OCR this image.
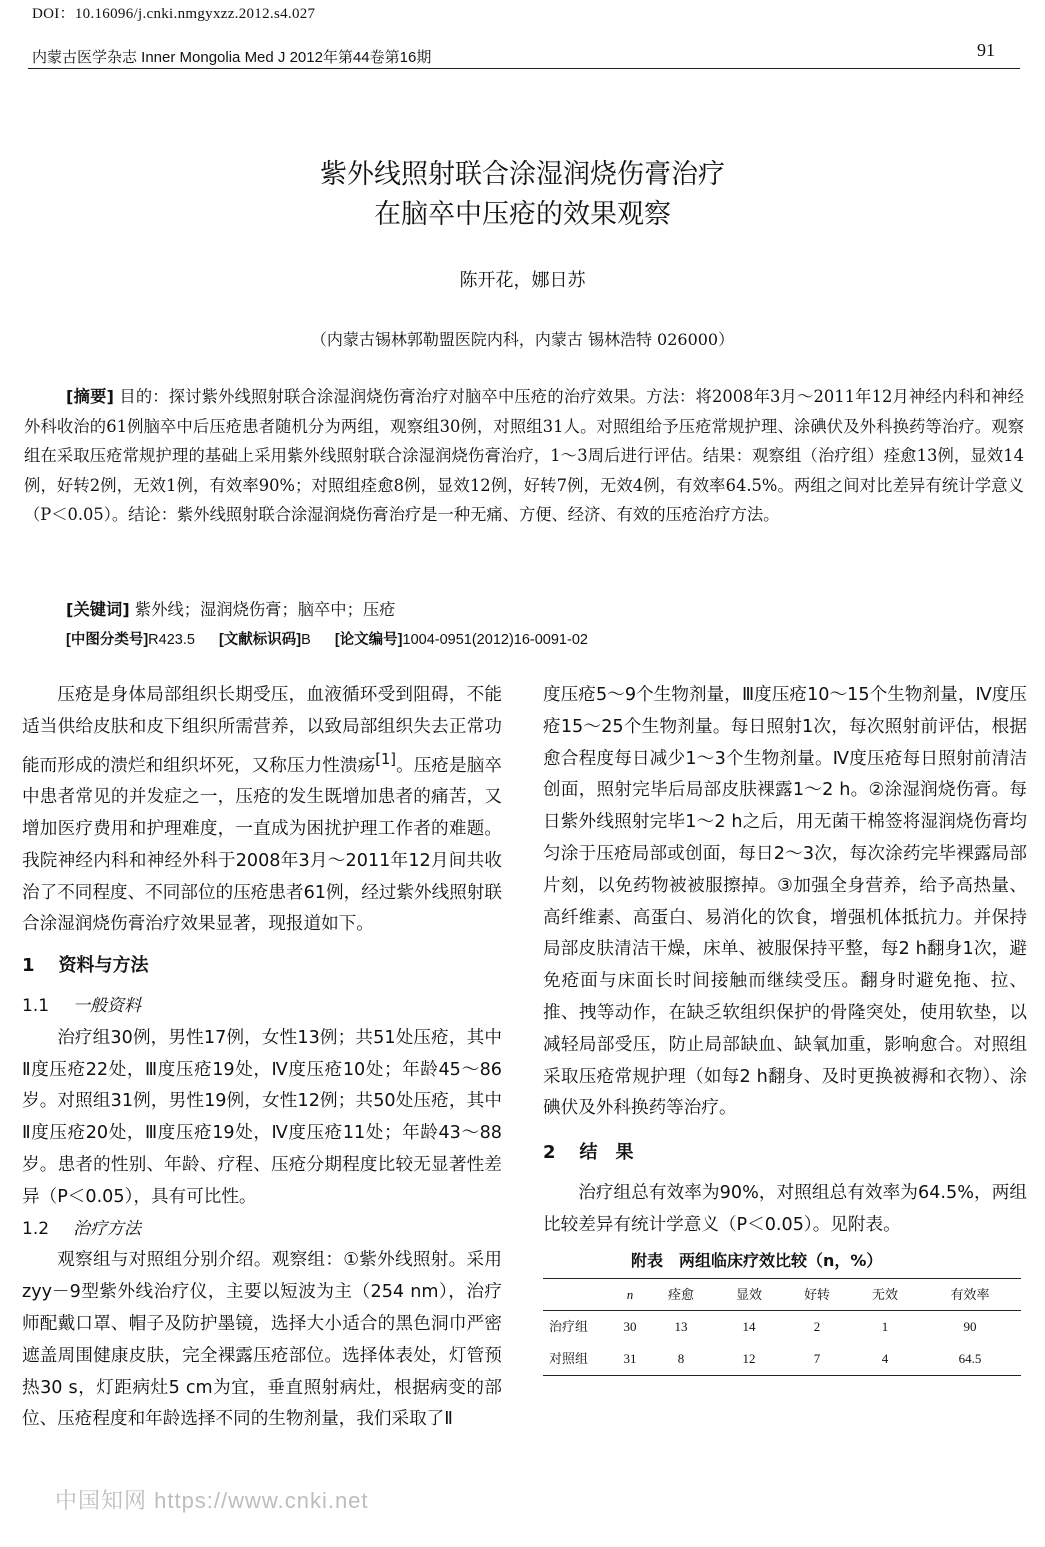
DOI：10.16096/j.cnki.nmgyxzz.2012.s4.027
内蒙古医学杂志 Inner Mongolia Med J 2012年第44卷第16期	91
紫外线照射联合涂湿润烧伤膏治疗
在脑卒中压疮的效果观察
陈开花，娜日苏
（内蒙古锡林郭勒盟医院内科，内蒙古 锡林浩特 026000）

[摘要] 目的：探讨紫外线照射联合涂湿润烧伤膏治疗对脑卒中压疮的治疗效果。方法：将2008年3月～2011年12月神经内科和神经外科收治的61例脑卒中后压疮患者随机分为两组，观察组30例，对照组31人。对照组给予压疮常规护理、涂碘伏及外科换药等治疗。观察组在采取压疮常规护理的基础上采用紫外线照射联合涂湿润烧伤膏治疗，1～3周后进行评估。结果：观察组（治疗组）痊愈13例，显效14例，好转2例，无效1例，有效率90%；对照组痊愈8例，显效12例，好转7例，无效4例，有效率64.5%。两组之间对比差异有统计学意义（P＜0.05）。结论：紫外线照射联合涂湿润烧伤膏治疗是一种无痛、方便、经济、有效的压疮治疗方法。

[关键词] 紫外线；湿润烧伤膏；脑卒中；压疮
[中图分类号]R423.5 [文献标识码]B [论文编号]1004-0951(2012)16-0091-02

压疮是身体局部组织长期受压，血液循环受到阻碍，不能适当供给皮肤和皮下组织所需营养，以致局部组织失去正常功能而形成的溃烂和组织坏死，又称压力性溃疡[1]。压疮是脑卒中患者常见的并发症之一，压疮的发生既增加患者的痛苦，又增加医疗费用和护理难度，一直成为困扰护理工作者的难题。我院神经内科和神经外科于2008年3月～2011年12月间共收治了不同程度、不同部位的压疮患者61例，经过紫外线照射联合涂湿润烧伤膏治疗效果显著，现报道如下。

1 资料与方法
1.1 一般资料

治疗组30例，男性17例，女性13例；共51处压疮，其中Ⅱ度压疮22处，Ⅲ度压疮19处，Ⅳ度压疮10处；年龄45～86岁。对照组31例，男性19例，女性12例；共50处压疮，其中Ⅱ度压疮20处，Ⅲ度压疮19处，Ⅳ度压疮11处；年龄43～88岁。患者的性别、年龄、疗程、压疮分期程度比较无显著性差异（P＜0.05），具有可比性。

1.2 治疗方法

观察组与对照组分别介绍。观察组：①紫外线照射。采用zyy－9型紫外线治疗仪，主要以短波为主（254 nm），治疗师配戴口罩、帽子及防护墨镜，选择大小适合的黑色洞巾严密遮盖周围健康皮肤，完全裸露压疮部位。选择体表处，灯管预热30 s，灯距病灶5 cm为宜，垂直照射病灶，根据病变的部位、压疮程度和年龄选择不同的生物剂量，我们采取了Ⅱ

度压疮5～9个生物剂量，Ⅲ度压疮10～15个生物剂量，Ⅳ度压疮15～25个生物剂量。每日照射1次，每次照射前评估，根据愈合程度每日减少1～3个生物剂量。Ⅳ度压疮每日照射前清洁创面，照射完毕后局部皮肤裸露1～2 h。②涂湿润烧伤膏。每日紫外线照射完毕1～2 h之后，用无菌干棉签将湿润烧伤膏均匀涂于压疮局部或创面，每日2～3次，每次涂药完毕裸露局部片刻，以免药物被被服擦掉。③加强全身营养，给予高热量、高纤维素、高蛋白、易消化的饮食，增强机体抵抗力。并保持局部皮肤清洁干燥，床单、被服保持平整，每2 h翻身1次，避免疮面与床面长时间接触而继续受压。翻身时避免拖、拉、推、拽等动作，在缺乏软组织保护的骨隆突处，使用软垫，以减轻局部受压，防止局部缺血、缺氧加重，影响愈合。对照组采取压疮常规护理（如每2 h翻身、及时更换被褥和衣物）、涂碘伏及外科换药等治疗。

2 结　果

治疗组总有效率为90%，对照组总有效率为64.5%，两组比较差异有统计学意义（P＜0.05）。见附表。

附表　两组临床疗效比较（n，%）
	n	痊愈	显效	好转	无效	有效率
治疗组	30	13	14	2	1	90
对照组	31	8	12	7	4	64.5
中国知网 https://www.cnki.net
